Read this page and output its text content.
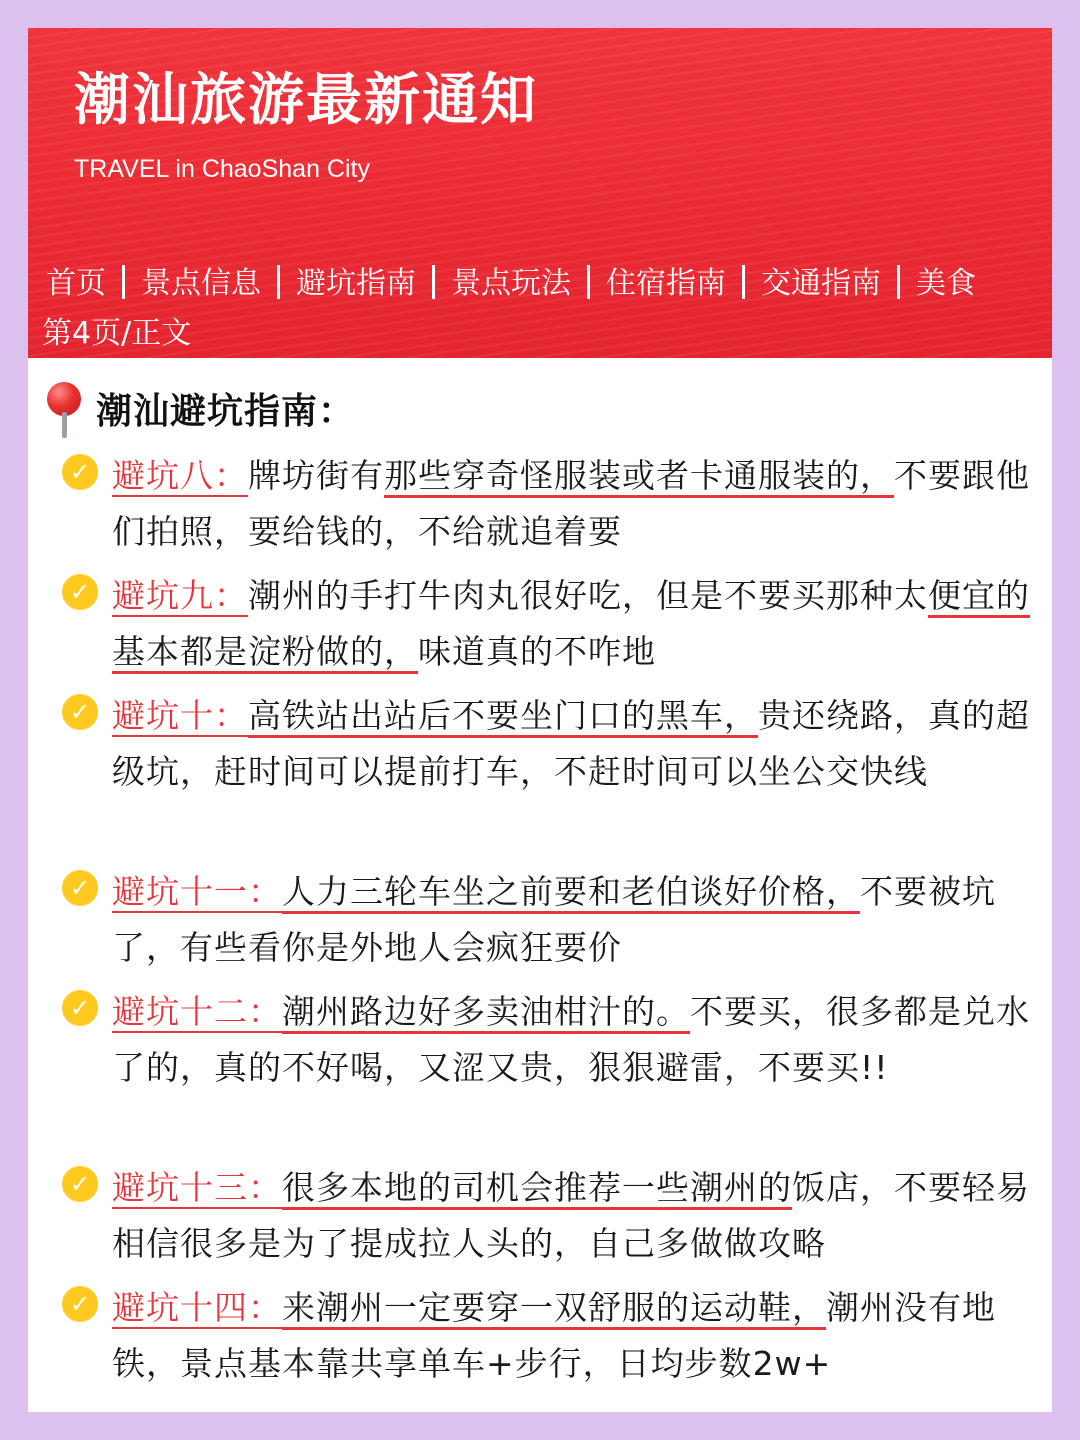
潮汕旅游最新通知
TRAVEL in ChaoShan City
首页 景点信息 避坑指南 景点玩法 住宿指南 交通指南 美食
第4页/正文
潮汕避坑指南：
✓ 避坑八：牌坊街有那些穿奇怪服装或者卡通服装的，不要跟他们拍照，要给钱的，不给就追着要

✓ 避坑九：潮州的手打牛肉丸很好吃，但是不要买那种太便宜的基本都是淀粉做的，味道真的不咋地

✓ 避坑十：高铁站出站后不要坐门口的黑车，贵还绕路，真的超级坑，赶时间可以提前打车，不赶时间可以坐公交快线

✓ 避坑十一：人力三轮车坐之前要和老伯谈好价格，不要被坑了，有些看你是外地人会疯狂要价

✓ 避坑十二：潮州路边好多卖油柑汁的。不要买，很多都是兑水了的，真的不好喝，又涩又贵，狠狠避雷，不要买!!

✓ 避坑十三：很多本地的司机会推荐一些潮州的饭店，不要轻易相信很多是为了提成拉人头的，自己多做做攻略

✓ 避坑十四：来潮州一定要穿一双舒服的运动鞋，潮州没有地铁，景点基本靠共享单车+步行，日均步数2w+
